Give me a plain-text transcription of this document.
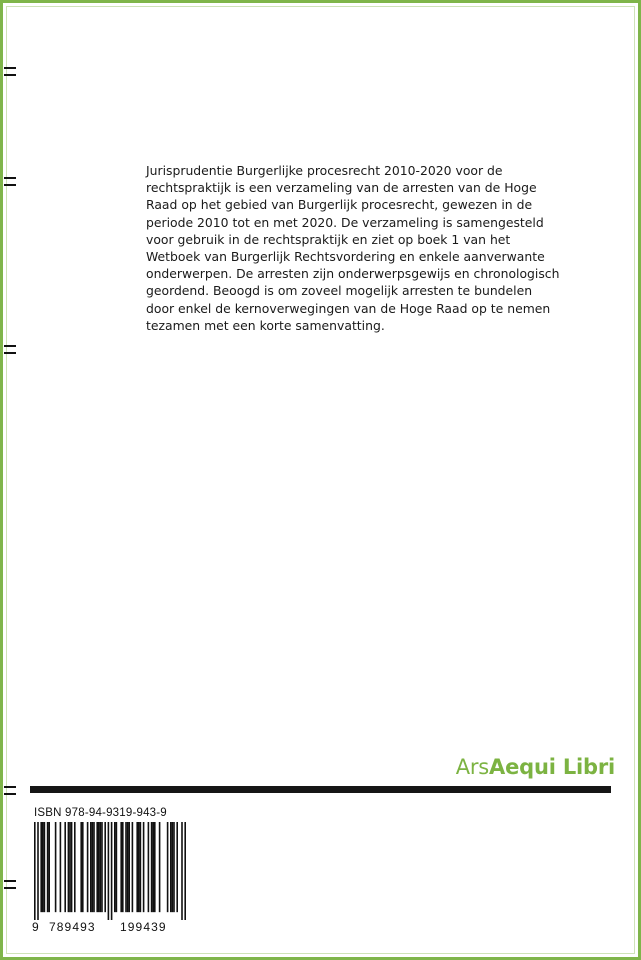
Jurisprudentie Burgerlijke procesrecht 2010-2020 voor de
rechtspraktijk is een verzameling van de arresten van de Hoge
Raad op het gebied van Burgerlijk procesrecht, gewezen in de
periode 2010 tot en met 2020. De verzameling is samengesteld
voor gebruik in de rechtspraktijk en ziet op boek 1 van het
Wetboek van Burgerlijk Rechtsvordering en enkele aanverwante
onderwerpen. De arresten zijn onderwerpsgewijs en chronologisch
geordend. Beoogd is om zoveel mogelijk arresten te bundelen
door enkel de kernoverwegingen van de Hoge Raad op te nemen
tezamen met een korte samenvatting.

ArsAequi Libri
ISBN 978-94-9319-943-9
9 789493 199439
